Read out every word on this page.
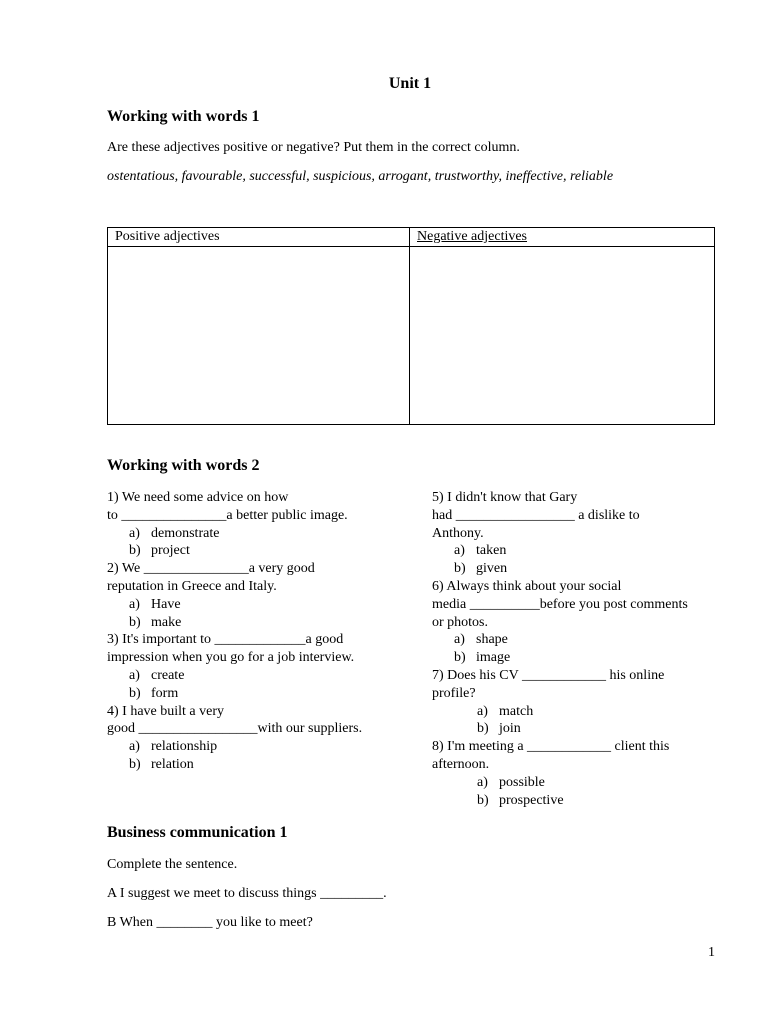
Unit 1
Working with words 1
Are these adjectives positive or negative? Put them in the correct column.
ostentatious, favourable, successful, suspicious, arrogant, trustworthy, ineffective, reliable
Positive adjectives	Negative adjectives

Working with words 2
1) We need some advice on how
to _______________a better public image.
a) demonstrate
b) project
2) We _______________a very good
reputation in Greece and Italy.
a) Have
b) make
3) It's important to _____________a good
impression when you go for a job interview.
a) create
b) form
4) I have built a very
good _________________with our suppliers.
a) relationship
b) relation
5) I didn't know that Gary
had _________________ a dislike to
Anthony.
a) taken
b) given
6) Always think about your social
media __________before you post comments
or photos.
a) shape
b) image
7) Does his CV ____________ his online
profile?
a) match
b) join
8) I'm meeting a ____________ client this
afternoon.
a) possible
b) prospective
Business communication 1
Complete the sentence.
A I suggest we meet to discuss things _________.
B When ________ you like to meet?
1
